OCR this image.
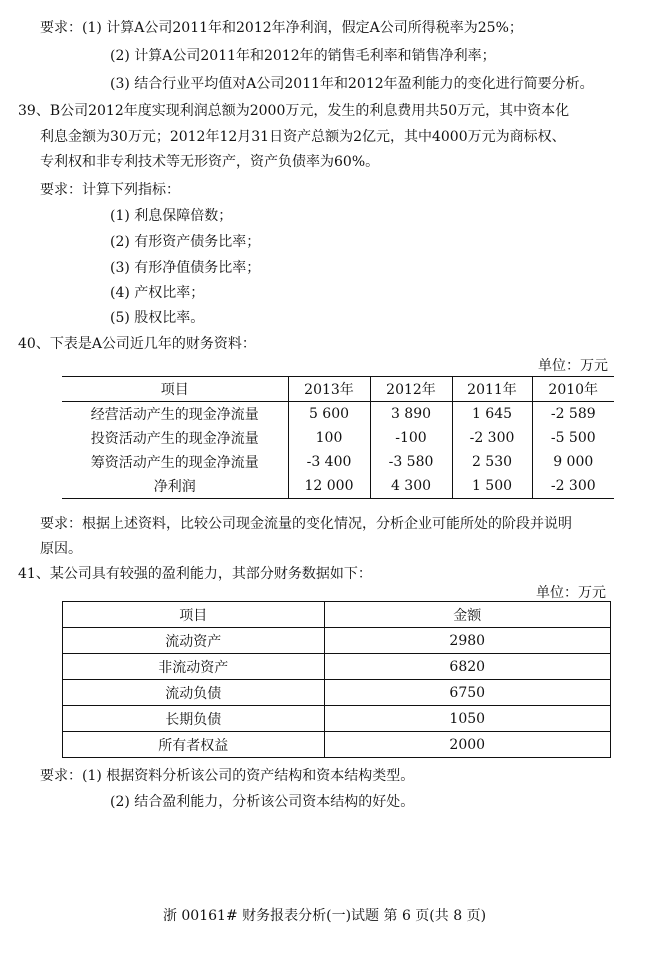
要求：(1) 计算A公司2011年和2012年净利润，假定A公司所得税率为25%；
(2) 计算A公司2011年和2012年的销售毛利率和销售净利率；
(3) 结合行业平均值对A公司2011年和2012年盈利能力的变化进行简要分析。
39、B公司2012年度实现利润总额为2000万元，发生的利息费用共50万元，其中资本化
利息金额为30万元；2012年12月31日资产总额为2亿元，其中4000万元为商标权、
专利权和非专利技术等无形资产，资产负债率为60%。
要求：计算下列指标：
(1) 利息保障倍数；
(2) 有形资产债务比率；
(3) 有形净值债务比率；
(4) 产权比率；
(5) 股权比率。
40、下表是A公司近几年的财务资料：
单位：万元
项目	2013年	2012年	2011年	2010年
经营活动产生的现金净流量	5 600	3 890	1 645	-2 589
投资活动产生的现金净流量	100	-100	-2 300	-5 500
筹资活动产生的现金净流量	-3 400	-3 580	2 530	9 000
净利润	12 000	4 300	1 500	-2 300
要求：根据上述资料，比较公司现金流量的变化情况，分析企业可能所处的阶段并说明
原因。
41、某公司具有较强的盈利能力，其部分财务数据如下：
单位：万元
项目	金额
流动资产	2980
非流动资产	6820
流动负债	6750
长期负债	1050
所有者权益	2000
要求：(1) 根据资料分析该公司的资产结构和资本结构类型。
(2) 结合盈利能力，分析该公司资本结构的好处。
浙 00161# 财务报表分析(一)试题 第 6 页(共 8 页)
